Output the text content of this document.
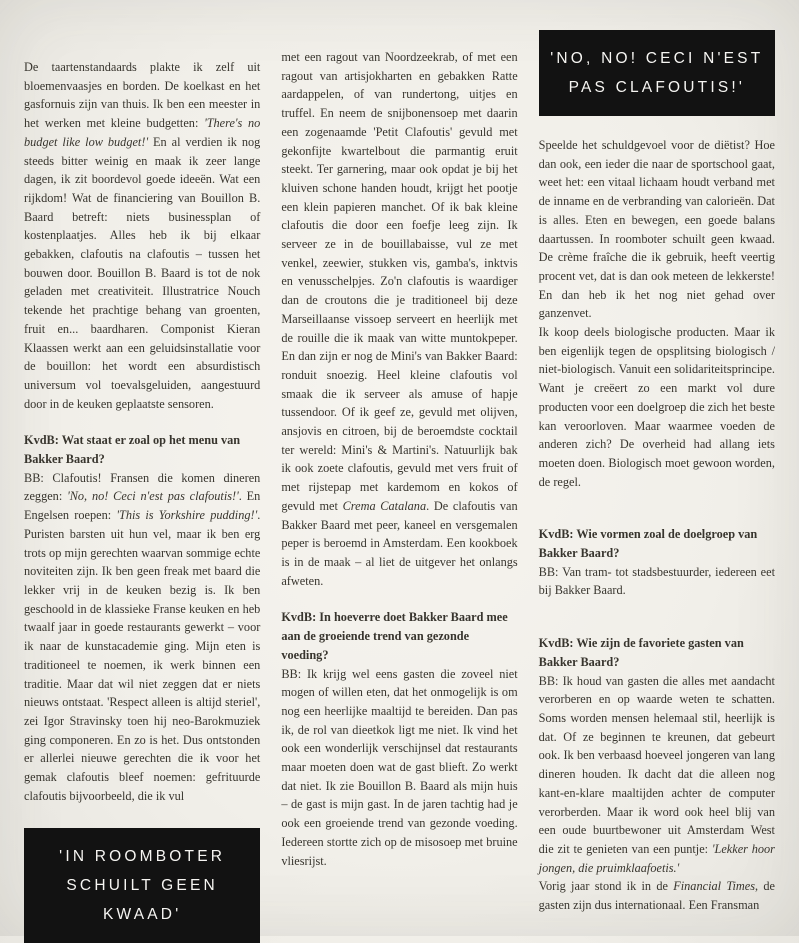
De taartenstandaards plakte ik zelf uit bloemenvaasjes en borden. De koelkast en het gasfornuis zijn van thuis. Ik ben een meester in het werken met kleine budgetten: 'There's no budget like low budget!' En al verdien ik nog steeds bitter weinig en maak ik zeer lange dagen, ik zit boordevol goede ideeën. Wat een rijkdom! Wat de financiering van Bouillon B. Baard betreft: niets businessplan of kostenplaatjes. Alles heb ik bij elkaar gebakken, clafoutis na clafoutis – tussen het bouwen door. Bouillon B. Baard is tot de nok geladen met creativiteit. Illustratrice Nouch tekende het prachtige behang van groenten, fruit en... baardharen. Componist Kieran Klaassen werkt aan een geluidsinstallatie voor de bouillon: het wordt een absurdistisch universum vol toevalsgeluiden, aangestuurd door in de keuken geplaatste sensoren.

KvdB: Wat staat er zoal op het menu van Bakker Baard?

BB: Clafoutis! Fransen die komen dineren zeggen: 'No, no! Ceci n'est pas clafoutis!'. En Engelsen roepen: 'This is Yorkshire pudding!'. Puristen barsten uit hun vel, maar ik ben erg trots op mijn gerechten waarvan sommige echte noviteiten zijn. Ik ben geen freak met baard die lekker vrij in de keuken bezig is. Ik ben geschoold in de klassieke Franse keuken en heb twaalf jaar in goede restaurants gewerkt – voor ik naar de kunstacademie ging. Mijn eten is traditioneel te noemen, ik werk binnen een traditie. Maar dat wil niet zeggen dat er niets nieuws ontstaat. 'Respect alleen is altijd steriel', zei Igor Stravinsky toen hij neo-Barokmuziek ging componeren. En zo is het. Dus ontstonden er allerlei nieuwe gerechten die ik voor het gemak clafoutis bleef noemen: gefrituurde clafoutis bijvoorbeeld, die ik vul

'IN ROOMBOTER
SCHUILT GEEN KWAAD'

met een ragout van Noordzeekrab, of met een ragout van artisjokharten en gebakken Ratte aardappelen, of van rundertong, uitjes en truffel. En neem de snijbonensoep met daarin een zogenaamde 'Petit Clafoutis' gevuld met gekonfijte kwartelbout die parmantig eruit steekt. Ter garnering, maar ook opdat je bij het kluiven schone handen houdt, krijgt het pootje een klein papieren manchet. Of ik bak kleine clafoutis die door een foefje leeg zijn. Ik serveer ze in de bouillabaisse, vul ze met venkel, zeewier, stukken vis, gamba's, inktvis en venusschelpjes. Zo'n clafoutis is waardiger dan de croutons die je traditioneel bij deze Marseillaanse vissoep serveert en heerlijk met de rouille die ik maak van witte muntokpeper. En dan zijn er nog de Mini's van Bakker Baard: ronduit snoezig. Heel kleine clafoutis vol smaak die ik serveer als amuse of hapje tussendoor. Of ik geef ze, gevuld met olijven, ansjovis en citroen, bij de beroemdste cocktail ter wereld: Mini's & Martini's. Natuurlijk bak ik ook zoete clafoutis, gevuld met vers fruit of met rijstepap met kardemom en kokos of gevuld met Crema Catalana. De clafoutis van Bakker Baard met peer, kaneel en versgemalen peper is beroemd in Amsterdam. Een kookboek is in de maak – al liet de uitgever het onlangs afweten.

KvdB: In hoeverre doet Bakker Baard mee aan de groeiende trend van gezonde voeding?

BB: Ik krijg wel eens gasten die zoveel niet mogen of willen eten, dat het onmogelijk is om nog een heerlijke maaltijd te bereiden. Dan pas ik, de rol van dieetkok ligt me niet. Ik vind het ook een wonderlijk verschijnsel dat restaurants maar moeten doen wat de gast blieft. Zo werkt dat niet. Ik zie Bouillon B. Baard als mijn huis – de gast is mijn gast. In de jaren tachtig had je ook een groeiende trend van gezonde voeding. Iedereen stortte zich op de misosoep met bruine vliesrijst.

'NO, NO! CECI N'EST
PAS CLAFOUTIS!'

Speelde het schuldgevoel voor de diëtist? Hoe dan ook, een ieder die naar de sportschool gaat, weet het: een vitaal lichaam houdt verband met de inname en de verbranding van calorieën. Dat is alles. Eten en bewegen, een goede balans daartussen. In roomboter schuilt geen kwaad. De crème fraîche die ik gebruik, heeft veertig procent vet, dat is dan ook meteen de lekkerste! En dan heb ik het nog niet gehad over ganzenvet.

Ik koop deels biologische producten. Maar ik ben eigenlijk tegen de opsplitsing biologisch / niet-biologisch. Vanuit een solidariteitsprincipe. Want je creëert zo een markt vol dure producten voor een doelgroep die zich het beste kan veroorloven. Maar waarmee voeden de anderen zich? De overheid had allang iets moeten doen. Biologisch moet gewoon worden, de regel.

KvdB: Wie vormen zoal de doelgroep van Bakker Baard?

BB: Van tram- tot stadsbestuurder, iedereen eet bij Bakker Baard.

KvdB: Wie zijn de favoriete gasten van Bakker Baard?

BB: Ik houd van gasten die alles met aandacht verorberen en op waarde weten te schatten. Soms worden mensen helemaal stil, heerlijk is dat. Of ze beginnen te kreunen, dat gebeurt ook. Ik ben verbaasd hoeveel jongeren van lang dineren houden. Ik dacht dat die alleen nog kant-en-klare maaltijden achter de computer verorberden. Maar ik word ook heel blij van een oude buurtbewoner uit Amsterdam West die zit te genieten van een puntje: 'Lekker hoor jongen, die pruimklaafoetis.'

Vorig jaar stond ik in de Financial Times, de gasten zijn dus internationaal. Een Fransman
